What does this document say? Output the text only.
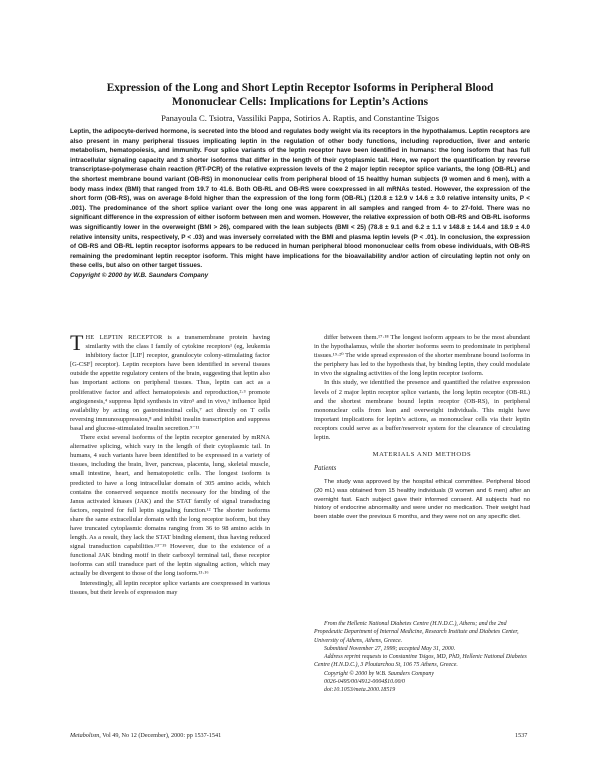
Expression of the Long and Short Leptin Receptor Isoforms in Peripheral Blood
Mononuclear Cells: Implications for Leptin’s Actions
Panayoula C. Tsiotra, Vassiliki Pappa, Sotirios A. Raptis, and Constantine Tsigos
Leptin, the adipocyte-derived hormone, is secreted into the blood and regulates body weight via its receptors in the hypothalamus. Leptin receptors are also present in many peripheral tissues implicating leptin in the regulation of other body functions, including reproduction, liver and enteric metabolism, hematopoiesis, and immunity. Four splice variants of the leptin receptor have been identified in humans: the long isoform that has full intracellular signaling capacity and 3 shorter isoforms that differ in the length of their cytoplasmic tail. Here, we report the quantification by reverse transcriptase-polymerase chain reaction (RT-PCR) of the relative expression levels of the 2 major leptin receptor splice variants, the long (OB-RL) and the shortest membrane bound variant (OB-RS) in mononuclear cells from peripheral blood of 15 healthy human subjects (9 women and 6 men), with a body mass index (BMI) that ranged from 19.7 to 41.6. Both OB-RL and OB-RS were coexpressed in all mRNAs tested. However, the expression of the short form (OB-RS), was on average 8-fold higher than the expression of the long form (OB-RL) (120.8 ± 12.9 v 14.6 ± 3.0 relative intensity units, P < .001). The predominance of the short splice variant over the long one was apparent in all samples and ranged from 4- to 27-fold. There was no significant difference in the expression of either isoform between men and women. However, the relative expression of both OB-RS and OB-RL isoforms was significantly lower in the overweight (BMI > 26), compared with the lean subjects (BMI < 25) (78.8 ± 9.1 and 6.2 ± 1.1 v 148.8 ± 14.4 and 18.9 ± 4.0 relative intensity units, respectively, P < .03) and was inversely correlated with the BMI and plasma leptin levels (P < .01). In conclusion, the expression of OB-RS and OB-RL leptin receptor isoforms appears to be reduced in human peripheral blood mononuclear cells from obese individuals, with OB-RS remaining the predominant leptin receptor isoform. This might have implications for the bioavailability and/or action of circulating leptin not only on these cells, but also on other target tissues.
Copyright © 2000 by W.B. Saunders Company

THE LEPTIN RECEPTOR is a transmembrane protein having similarity with the class I family of cytokine receptors¹ (eg, leukemia inhibitory factor [LIF] receptor, granulocyte colony-stimulating factor [G-CSF] receptor). Leptin receptors have been identified in several tissues outside the appetite regulatory centers of the brain, suggesting that leptin also has important actions on peripheral tissues. Thus, leptin can act as a proliferative factor and affect hematopoiesis and reproduction,²·³ promote angiogenesis,⁴ suppress lipid synthesis in vitro⁵ and in vivo,⁶ influence lipid availability by acting on gastrointestinal cells,⁷ act directly on T cells reversing immunosuppression,⁸ and inhibit insulin transcription and suppress basal and glucose-stimulated insulin secretion.⁹⁻¹¹

There exist several isoforms of the leptin receptor generated by mRNA alternative splicing, which vary in the length of their cytoplasmic tail. In humans, 4 such variants have been identified to be expressed in a variety of tissues, including the brain, liver, pancreas, placenta, lung, skeletal muscle, small intestine, heart, and hematopoietic cells. The longest isoform is predicted to have a long intracellular domain of 305 amino acids, which contains the conserved sequence motifs necessary for the binding of the Janus activated kinases (JAK) and the STAT family of signal transducing factors, required for full leptin signaling function.¹² The shorter isoforms share the same extracellular domain with the long receptor isoform, but they have truncated cytoplasmic domains ranging from 36 to 98 amino acids in length. As a result, they lack the STAT binding element, thus having reduced signal transduction capabilities.¹³⁻¹⁵ However, due to the existence of a functional JAK binding motif in their carboxyl terminal tail, these receptor isoforms can still transduce part of the leptin signaling action, which may actually be divergent to those of the long isoform.¹³·¹⁶

Interestingly, all leptin receptor splice variants are coexpressed in various tissues, but their levels of expression may

differ between them.¹⁷·¹⁸ The longest isoform appears to be the most abundant in the hypothalamus, while the shorter isoforms seem to predominate in peripheral tissues.¹⁹·²⁰ The wide spread expression of the shorter membrane bound isoforms in the periphery has led to the hypothesis that, by binding leptin, they could modulate in vivo the signaling activities of the long leptin receptor isoform.

In this study, we identified the presence and quantified the relative expression levels of 2 major leptin receptor splice variants, the long leptin receptor (OB-RL) and the shortest membrane bound leptin receptor (OB-RS), in peripheral mononuclear cells from lean and overweight individuals. This might have important implications for leptin’s actions, as mononuclear cells via their leptin receptors could serve as a buffer/reservoir system for the clearance of circulating leptin.

MATERIALS AND METHODS
Patients

The study was approved by the hospital ethical committee. Peripheral blood (20 mL) was obtained from 15 healthy individuals (9 women and 6 men) after an overnight fast. Each subject gave their informed consent. All subjects had no history of endocrine abnormality and were under no medication. Their weight had been stable over the previous 6 months, and they were not on any specific diet.

From the Hellenic National Diabetes Centre (H.N.D.C.), Athens; and the 2nd Propedeutic Department of Internal Medicine, Research Institute and Diabetes Center, University of Athens, Athens, Greece.

Submitted November 27, 1999; accepted May 31, 2000.

Address reprint requests to Constantine Tsigos, MD, PhD, Hellenic National Diabetes Centre (H.N.D.C.), 3 Ploutarchou St, 106 75 Athens, Greece.

Copyright © 2000 by W.B. Saunders Company

0026-0495/00/4912-0004$10.00/0

doi:10.1053/meta.2000.18519

Metabolism, Vol 49, No 12 (December), 2000: pp 1537-1541	1537
